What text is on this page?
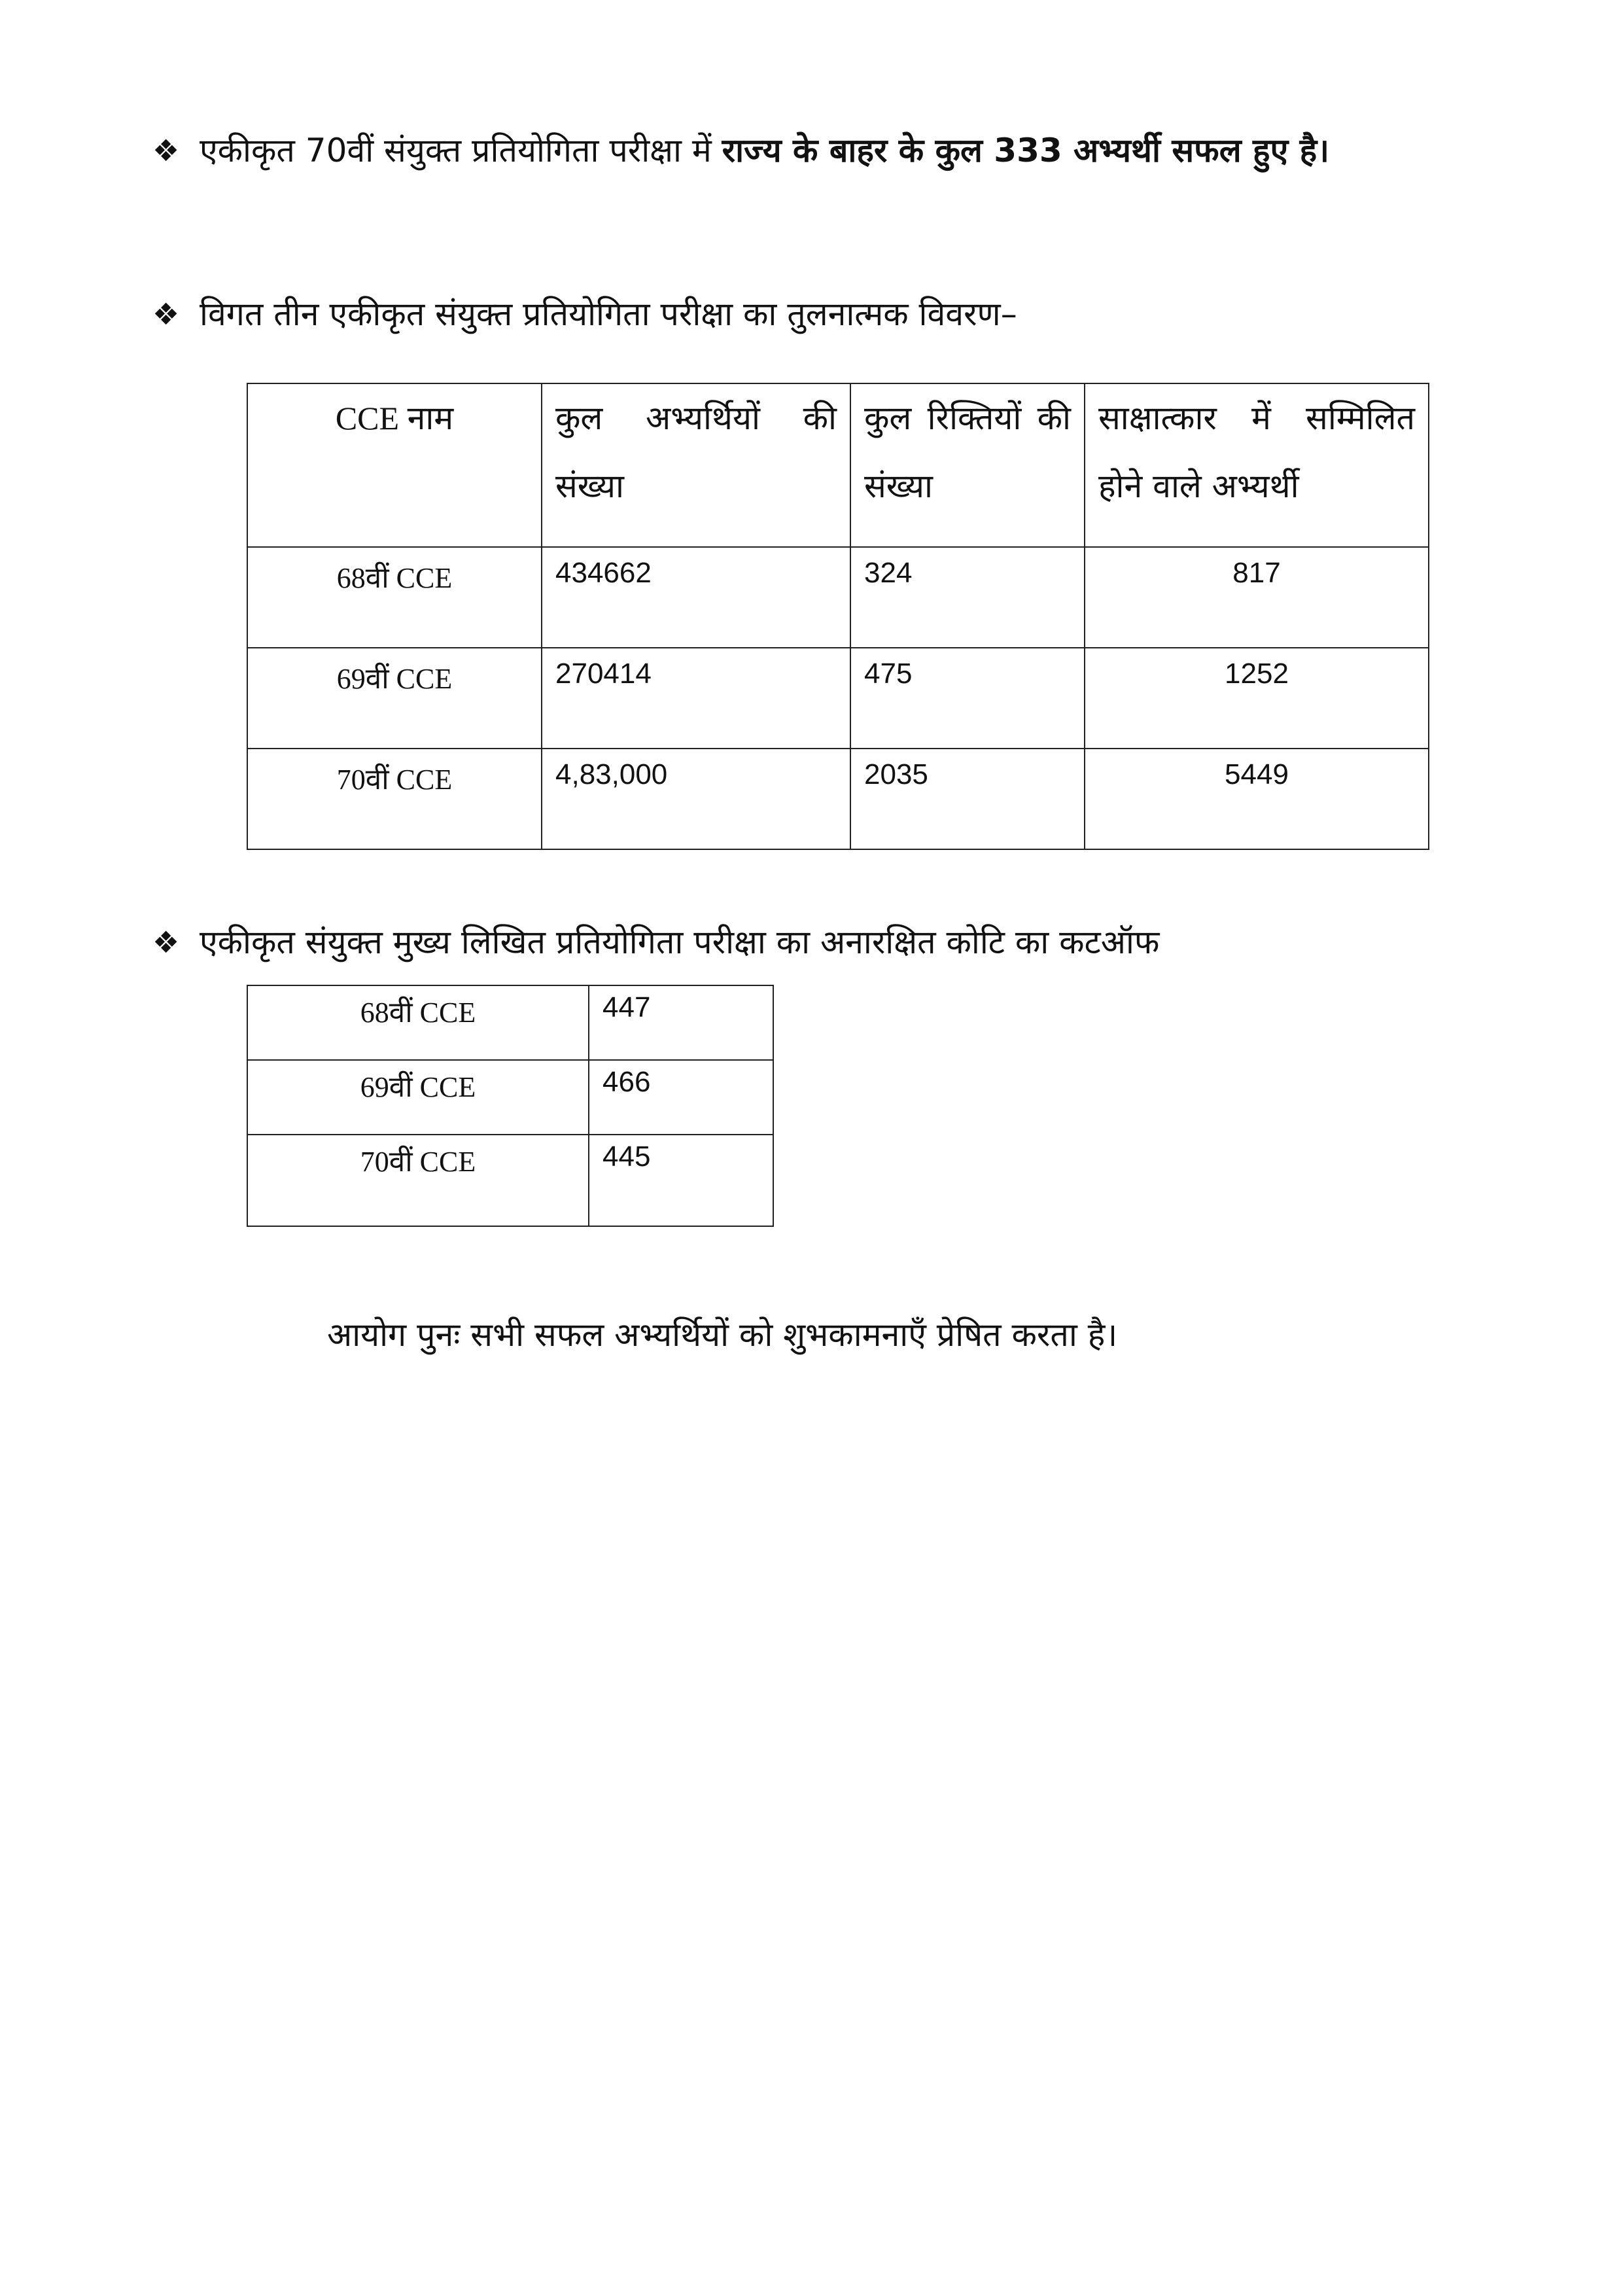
❖ एकीकृत 70वीं संयुक्त प्रतियोगिता परीक्षा में राज्य के बाहर के कुल 333 अभ्यर्थी सफल हुए है।
❖ विगत तीन एकीकृत संयुक्त प्रतियोगिता परीक्षा का तुलनात्मक विवरण–
CCE नाम	कुल अभ्यर्थियों की संख्या	कुल रिक्तियों की संख्या	साक्षात्कार में सम्मिलित होने वाले अभ्यर्थी
68वीं CCE	434662	324	817
69वीं CCE	270414	475	1252
70वीं CCE	4,83,000	2035	5449
❖ एकीकृत संयुक्त मुख्य लिखित प्रतियोगिता परीक्षा का अनारक्षित कोटि का कटऑफ
68वीं CCE	447
69वीं CCE	466
70वीं CCE	445
आयोग पुनः सभी सफल अभ्यर्थियों को शुभकामनाएँ प्रेषित करता है।
